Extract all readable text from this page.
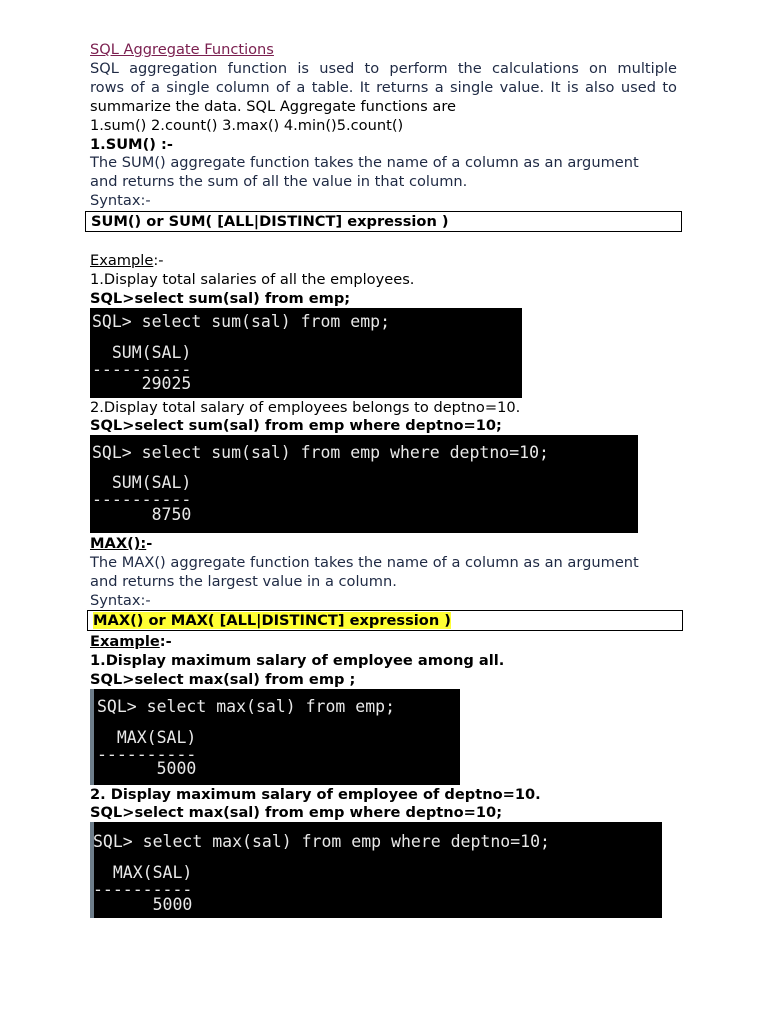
SQL Aggregate Functions
SQL aggregation function is used to perform the calculations on multiple
rows of a single column of a table. It returns a single value. It is also used to
summarize the data. SQL Aggregate functions are
1.sum() 2.count() 3.max() 4.min()5.count()
1.SUM() :-
The SUM() aggregate function takes the name of a column as an argument
and returns the sum of all the value in that column.
Syntax:-
SUM() or SUM( [ALL|DISTINCT] expression )
Example:-
1.Display total salaries of all the employees.
SQL>select sum(sal) from emp;
SQL> select sum(sal) from emp;
SUM(SAL)
----------
29025
2.Display total salary of employees belongs to deptno=10.
SQL>select sum(sal) from emp where deptno=10;
SQL> select sum(sal) from emp where deptno=10;
SUM(SAL)
----------
8750
MAX():-
The MAX() aggregate function takes the name of a column as an argument
and returns the largest value in a column.
Syntax:-
MAX() or MAX( [ALL|DISTINCT] expression )
Example:-
1.Display maximum salary of employee among all.
SQL>select max(sal) from emp ;
SQL> select max(sal) from emp;
MAX(SAL)
----------
5000
2. Display maximum salary of employee of deptno=10.
SQL>select max(sal) from emp where deptno=10;
SQL> select max(sal) from emp where deptno=10;
MAX(SAL)
----------
5000
